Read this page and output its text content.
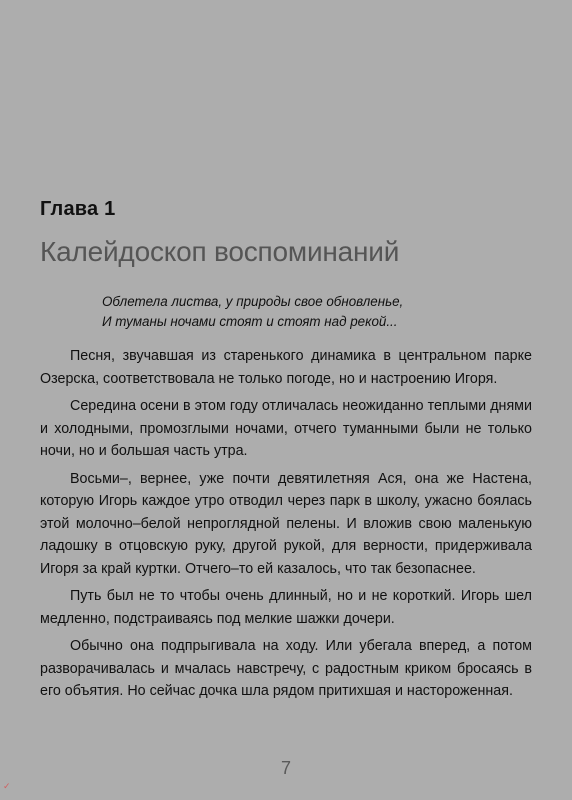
Глава 1
Калейдоскоп воспоминаний
Облетела листва, у природы свое обновленье,
И туманы ночами стоят и стоят над рекой...

Песня, звучавшая из старенького динамика в центральном парке Озерска, соответствовала не только погоде, но и настроению Игоря.

Середина осени в этом году отличалась неожиданно теплыми днями и холодными, промозглыми ночами, отчего туманными были не только ночи, но и большая часть утра.

Восьми–, вернее, уже почти девятилетняя Ася, она же Настена, которую Игорь каждое утро отводил через парк в школу, ужасно боялась этой молочно–белой непроглядной пелены. И вложив свою маленькую ладошку в отцовскую руку, другой рукой, для верности, придерживала Игоря за край куртки. Отчего–то ей казалось, что так безопаснее.

Путь был не то чтобы очень длинный, но и не короткий. Игорь шел медленно, подстраиваясь под мелкие шажки дочери.

Обычно она подпрыгивала на ходу. Или убегала вперед, а потом разворачивалась и мчалась навстречу, с радостным криком бросаясь в его объятия. Но сейчас дочка шла рядом притихшая и настороженная.

7
✓
